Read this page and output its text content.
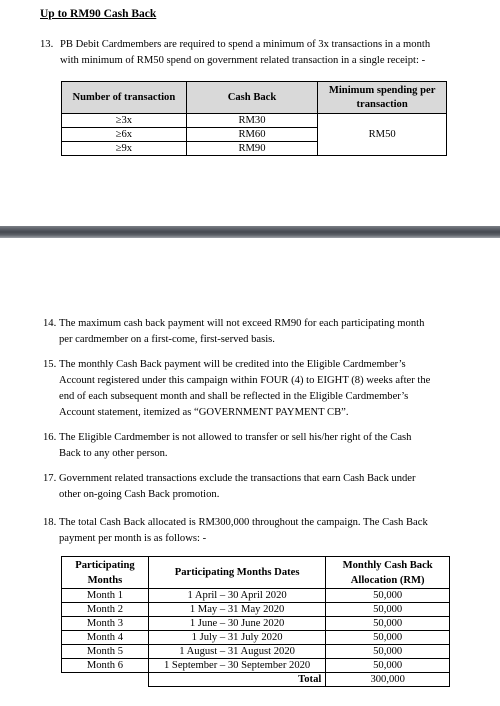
Up to RM90 Cash Back
13. PB Debit Cardmembers are required to spend a minimum of 3x transactions in a month
with minimum of RM50 spend on government related transaction in a single receipt: -
Number of transaction	Cash Back	Minimum spending per transaction
≥3x	RM30	RM50
≥6x	RM60	
≥9x	RM90	
14. The maximum cash back payment will not exceed RM90 for each participating month
per cardmember on a first-come, first-served basis.
15. The monthly Cash Back payment will be credited into the Eligible Cardmember’s
Account registered under this campaign within FOUR (4) to EIGHT (8) weeks after the
end of each subsequent month and shall be reflected in the Eligible Cardmember’s
Account statement, itemized as “GOVERNMENT PAYMENT CB”.
16. The Eligible Cardmember is not allowed to transfer or sell his/her right of the Cash
Back to any other person.
17. Government related transactions exclude the transactions that earn Cash Back under
other on-going Cash Back promotion.
18. The total Cash Back allocated is RM300,000 throughout the campaign. The Cash Back
payment per month is as follows: -
Participating Months	Participating Months Dates	Monthly Cash Back Allocation (RM)
Month 1	1 April – 30 April 2020	50,000
Month 2	1 May – 31 May 2020	50,000
Month 3	1 June – 30 June 2020	50,000
Month 4	1 July – 31 July 2020	50,000
Month 5	1 August – 31 August 2020	50,000
Month 6	1 September – 30 September 2020	50,000
	Total	300,000
